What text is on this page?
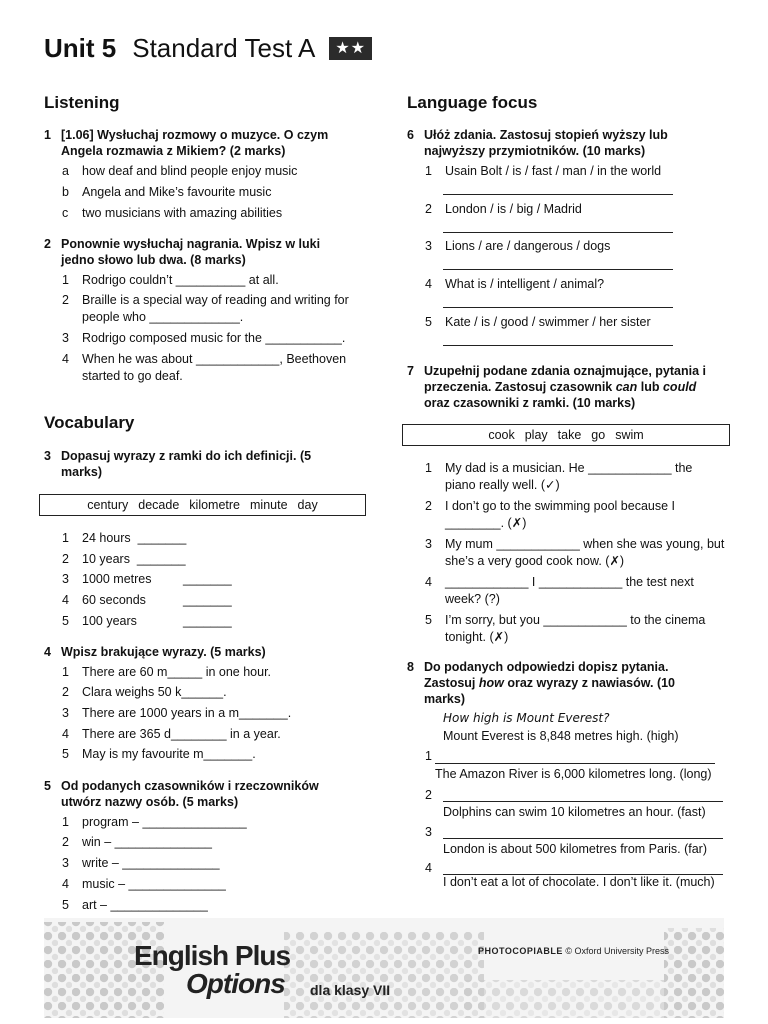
Unit 5 Standard Test A ★★
Listening
1 [1.06] Wysłuchaj rozmowy o muzyce. O czym Angela rozmawia z Mikiem? (2 marks)
a how deaf and blind people enjoy music
b Angela and Mike’s favourite music
c two musicians with amazing abilities
2 Ponownie wysłuchaj nagrania. Wpisz w luki jedno słowo lub dwa. (8 marks)
1 Rodrigo couldn’t __________ at all.
2 Braille is a special way of reading and writing for people who _____________.
3 Rodrigo composed music for the ___________.
4 When he was about ____________, Beethoven started to go deaf.
Vocabulary
3 Dopasuj wyrazy z ramki do ich definicji. (5 marks)
century decade kilometre minute day
1 24 hours _______
2 10 years _______
3 1000 metres	_______
4 60 seconds	_______
5 100 years	_______
4 Wpisz brakujące wyrazy. (5 marks)
1 There are 60 m_____ in one hour.
2 Clara weighs 50 k______.
3 There are 1000 years in a m_______.
4 There are 365 d________ in a year.
5 May is my favourite m_______.
5 Od podanych czasowników i rzeczowników utwórz nazwy osób. (5 marks)
1 program – _______________
2 win – ______________
3 write – ______________
4 music – ______________
5 art – ______________
Language focus
6 Ułóż zdania. Zastosuj stopień wyższy lub najwyższy przymiotników. (10 marks)
1 Usain Bolt / is / fast / man / in the world
2 London / is / big / Madrid
3 Lions / are / dangerous / dogs
4 What is / intelligent / animal?
5 Kate / is / good / swimmer / her sister
7 Uzupełnij podane zdania oznajmujące, pytania i przeczenia. Zastosuj czasownik can lub could oraz czasowniki z ramki. (10 marks)
cook play take go swim
1 My dad is a musician. He ____________ the piano really well. (✓)
2 I don’t go to the swimming pool because I ________. (✗)
3 My mum ____________ when she was young, but she’s a very good cook now. (✗)
4 ____________ I ____________ the test next week? (?)
5 I’m sorry, but you ____________ to the cinema tonight. (✗)
8 Do podanych odpowiedzi dopisz pytania. Zastosuj how oraz wyrazy z nawiasów. (10 marks)
How high is Mount Everest?
Mount Everest is 8,848 metres high. (high)
1
The Amazon River is 6,000 kilometres long. (long)
2
Dolphins can swim 10 kilometres an hour. (fast)
3
London is about 500 kilometres from Paris. (far)
4
I don’t eat a lot of chocolate. I don’t like it. (much)
English Plus
Options dla klasy VII
PHOTOCOPIABLE © Oxford University Press
